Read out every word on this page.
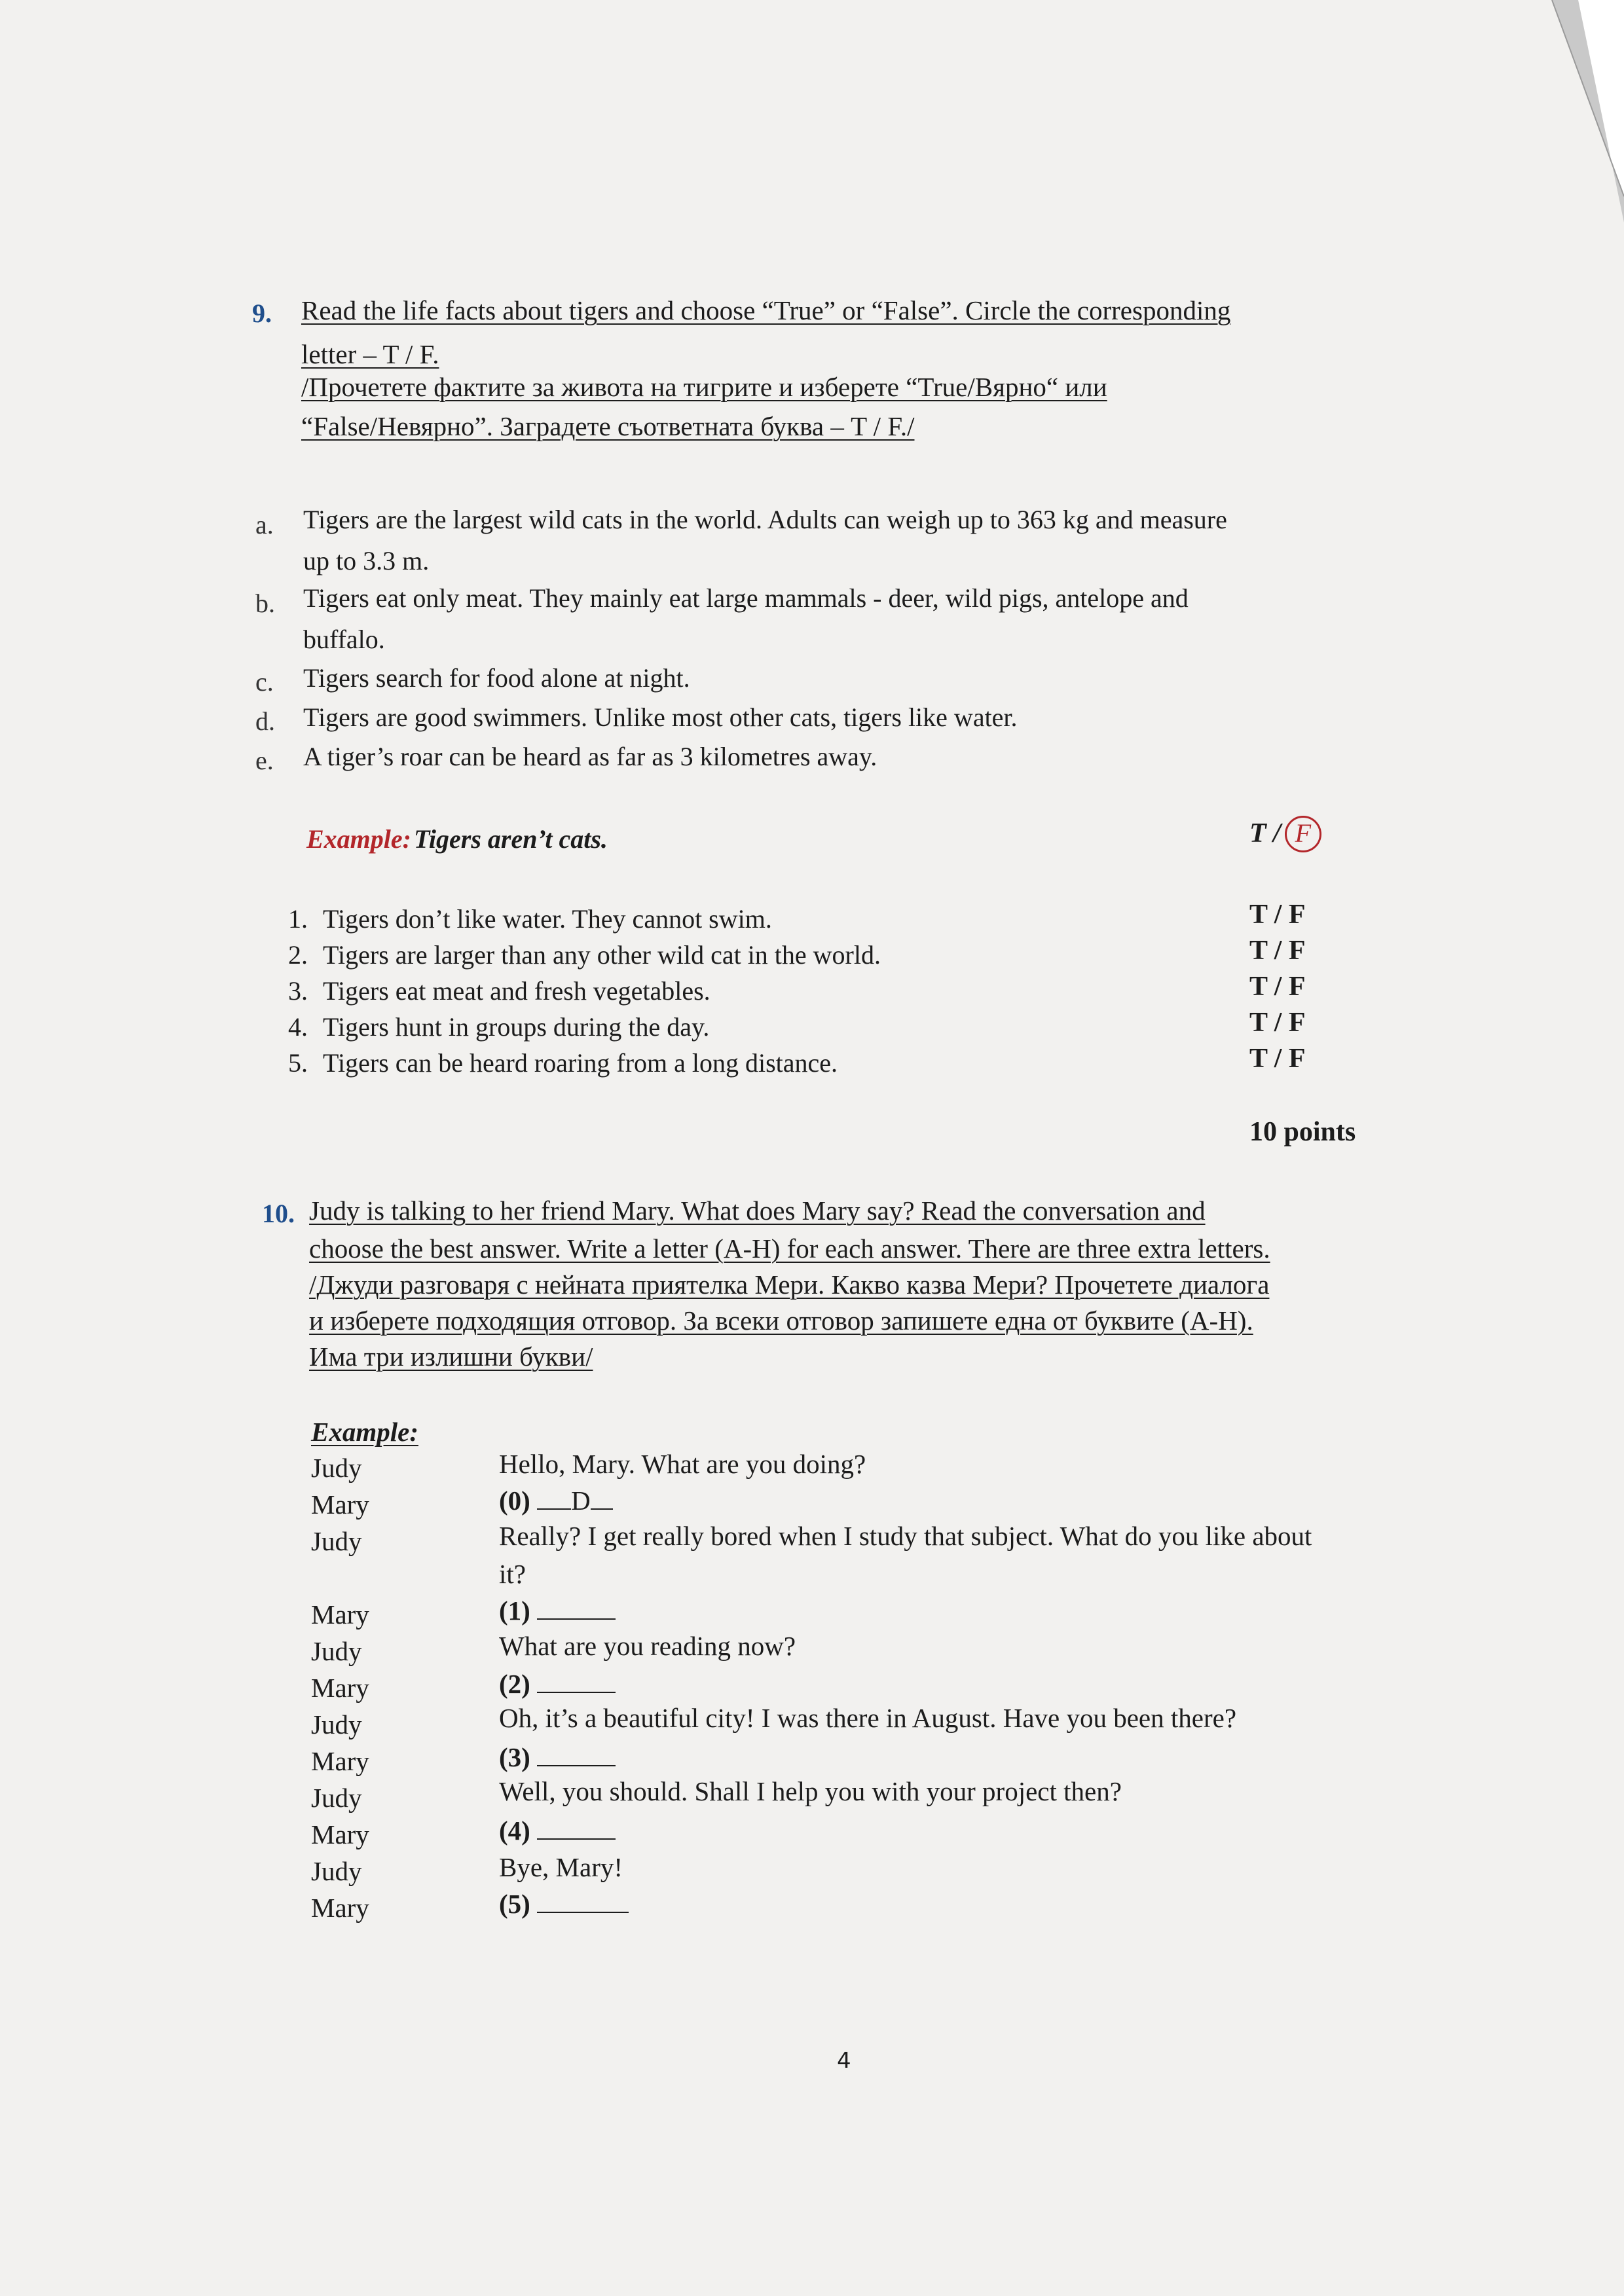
9. Read the life facts about tigers and choose “True” or “False”. Circle the corresponding
letter – T / F.
/Прочетете фактите за живота на тигрите и изберете “True/Вярно“ или
“False/Невярно”. Заградете съответната буква – T / F./
a. Tigers are the largest wild cats in the world. Adults can weigh up to 363 kg and measure
up to 3.3 m.
b. Tigers eat only meat. They mainly eat large mammals - deer, wild pigs, antelope and
buffalo.
c. Tigers search for food alone at night.
d. Tigers are good swimmers. Unlike most other cats, tigers like water.
e. A tiger’s roar can be heard as far as 3 kilometres away.
Example: Tigers aren’t cats.	T / F
1. Tigers don’t like water. They cannot swim.	T / F
2. Tigers are larger than any other wild cat in the world.	T / F
3. Tigers eat meat and fresh vegetables.	T / F
4. Tigers hunt in groups during the day.	T / F
5. Tigers can be heard roaring from a long distance.	T / F
10 points
10. Judy is talking to her friend Mary. What does Mary say? Read the conversation and
choose the best answer. Write a letter (A-H) for each answer. There are three extra letters.
/Джуди разговаря с нейната приятелка Мери. Какво казва Мери? Прочетете диалога
и изберете подходящия отговор. За всеки отговор запишете една от буквите (А-Н).
Има три излишни букви/
Example:
Judy	Hello, Mary. What are you doing?
Mary	(0) D
Judy	Really? I get really bored when I study that subject. What do you like about
it?
Mary	(1)
Judy	What are you reading now?
Mary	(2)
Judy	Oh, it’s a beautiful city! I was there in August. Have you been there?
Mary	(3)
Judy	Well, you should. Shall I help you with your project then?
Mary	(4)
Judy	Bye, Mary!
Mary	(5)
4
